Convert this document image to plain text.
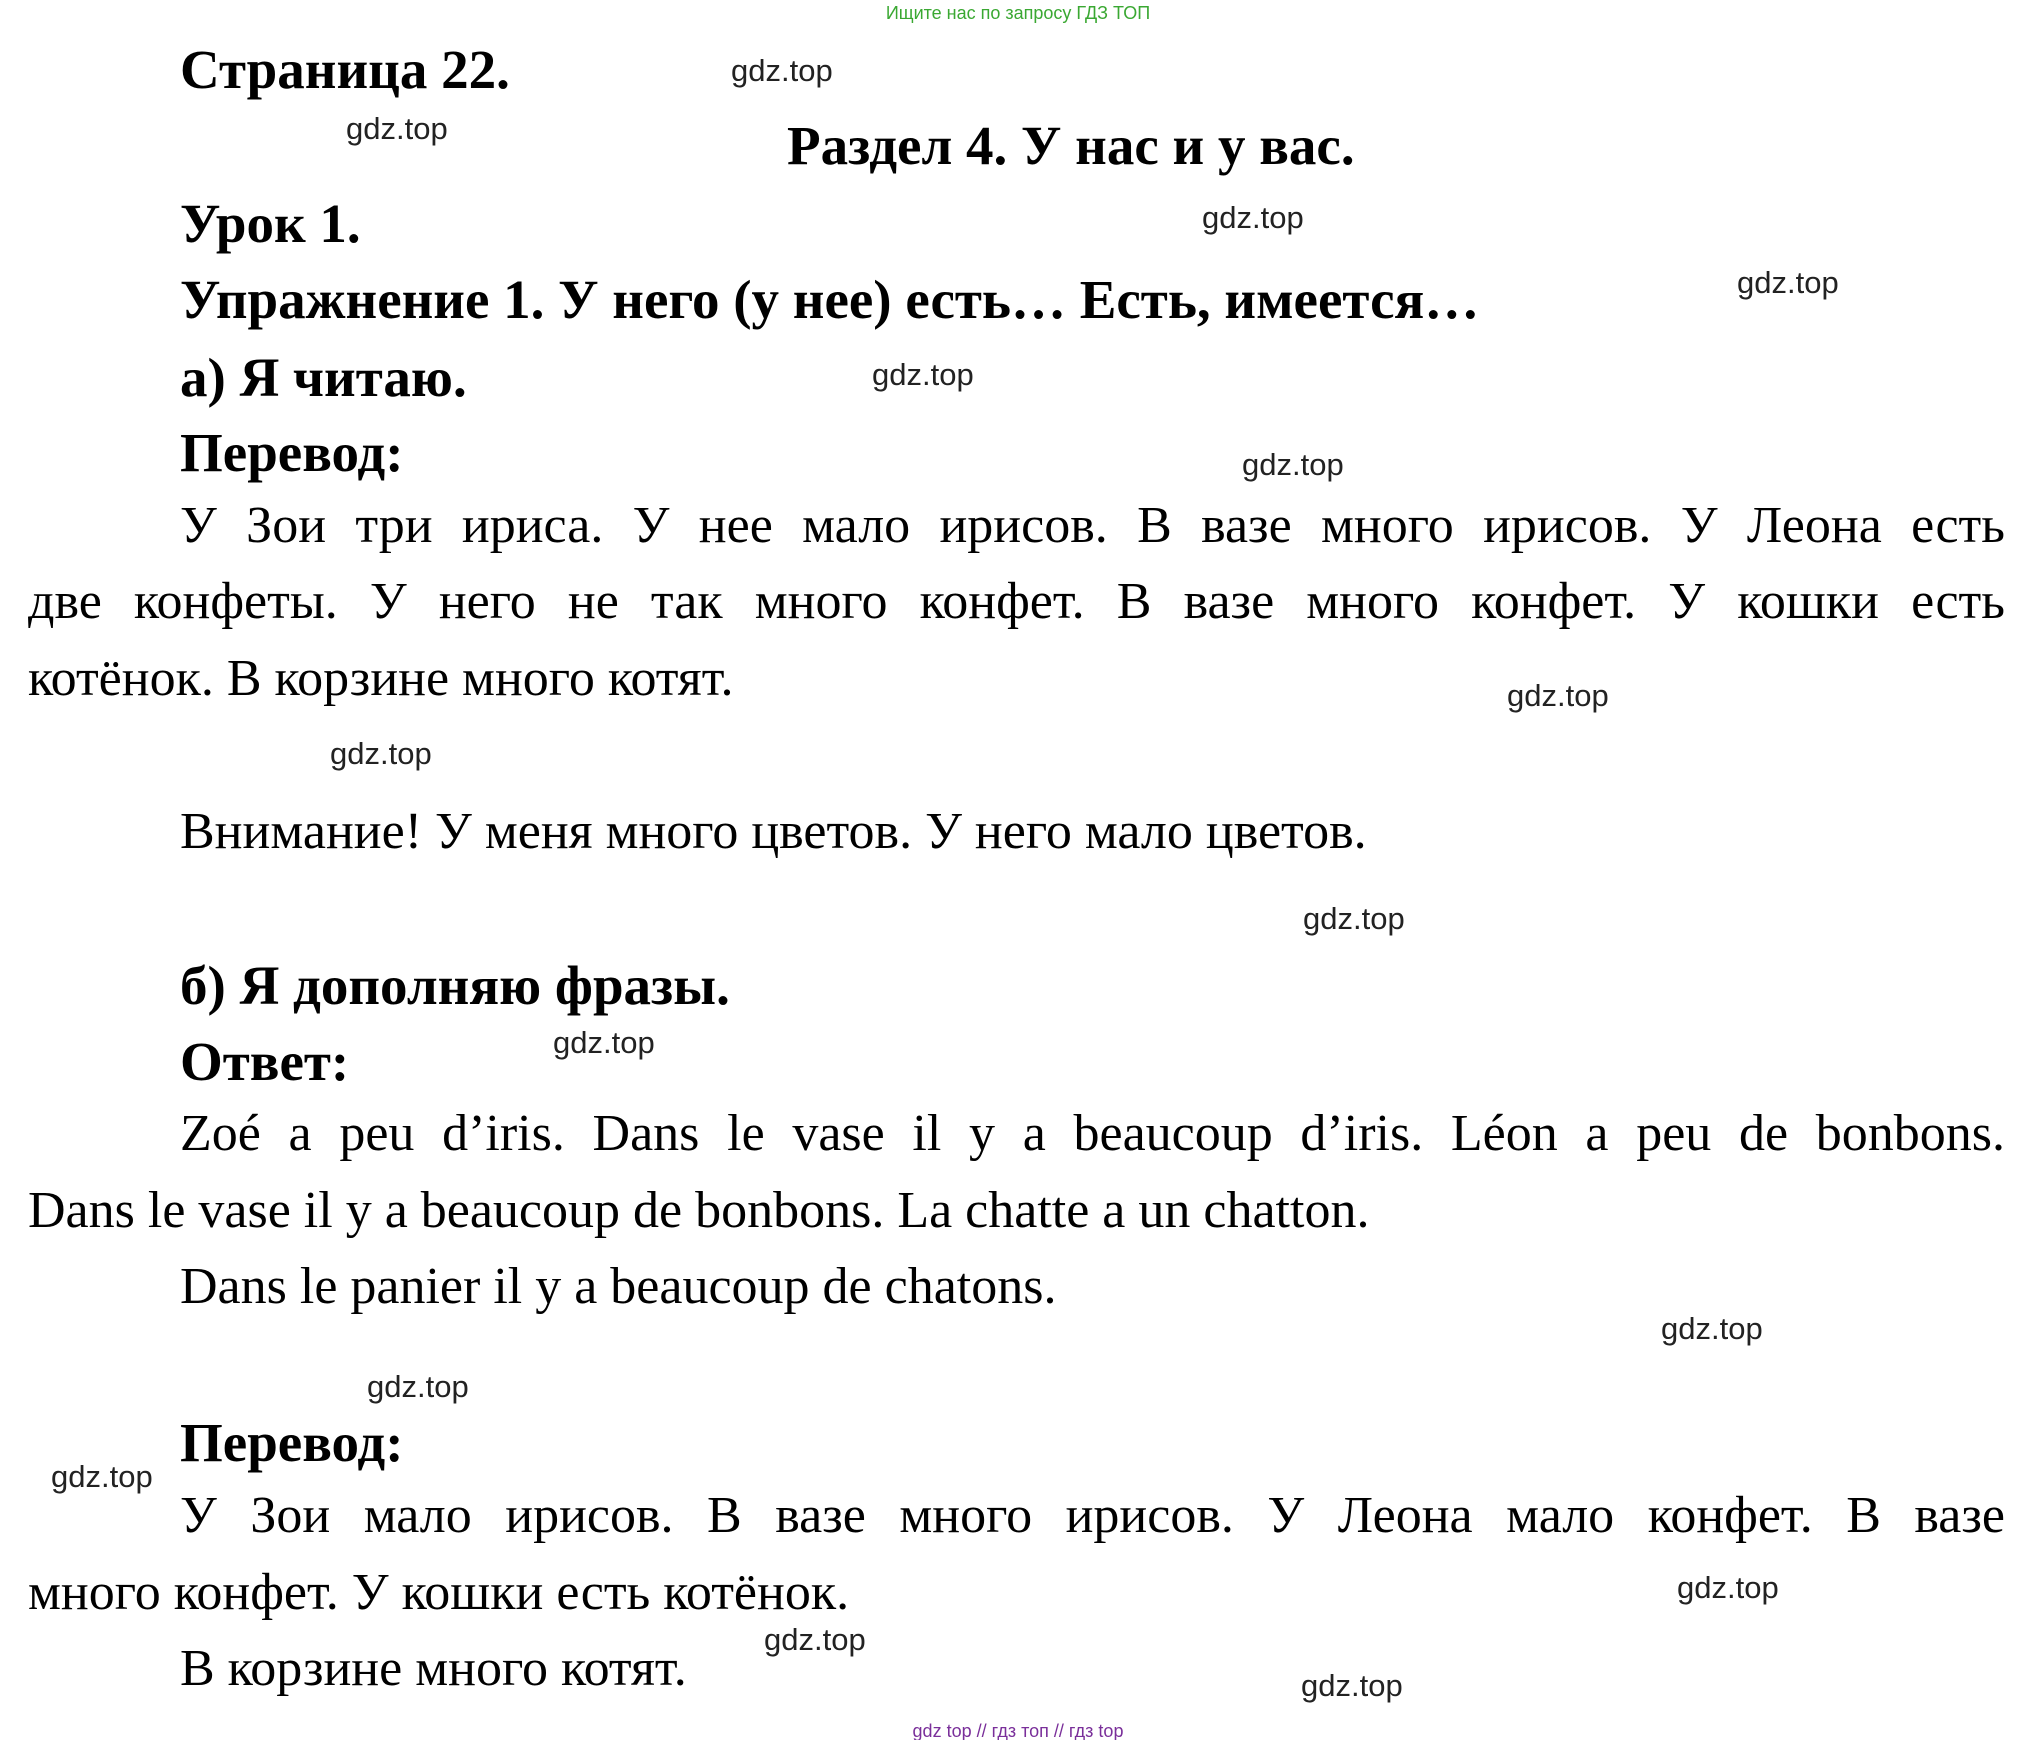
Ищите нас по запросу ГДЗ ТОП
Страница 22.
Раздел 4. У нас и у вас.
Урок 1.
Упражнение 1. У него (у нее) есть… Есть, имеется…
а) Я читаю.
Перевод:
У Зои три ириса. У нее мало ирисов. В вазе много ирисов. У Леона есть
две конфеты. У него не так много конфет. В вазе много конфет. У кошки есть
котёнок. В корзине много котят.
Внимание! У меня много цветов. У него мало цветов.
б) Я дополняю фразы.
Ответ:
Zoé a peu d’iris. Dans le vase il y a beaucoup d’iris. Léon a peu de bonbons.
Dans le vase il y a beaucoup de bonbons. La chatte a un chatton.
Dans le panier il y a beaucoup de chatons.
Перевод:
У Зои мало ирисов. В вазе много ирисов. У Леона мало конфет. В вазе
много конфет. У кошки есть котёнок.
В корзине много котят.
gdz.top
gdz.top
gdz.top
gdz.top
gdz.top
gdz.top
gdz.top
gdz.top
gdz.top
gdz.top
gdz.top
gdz.top
gdz.top
gdz.top
gdz.top
gdz.top
gdz top // гдз топ // гдз top
